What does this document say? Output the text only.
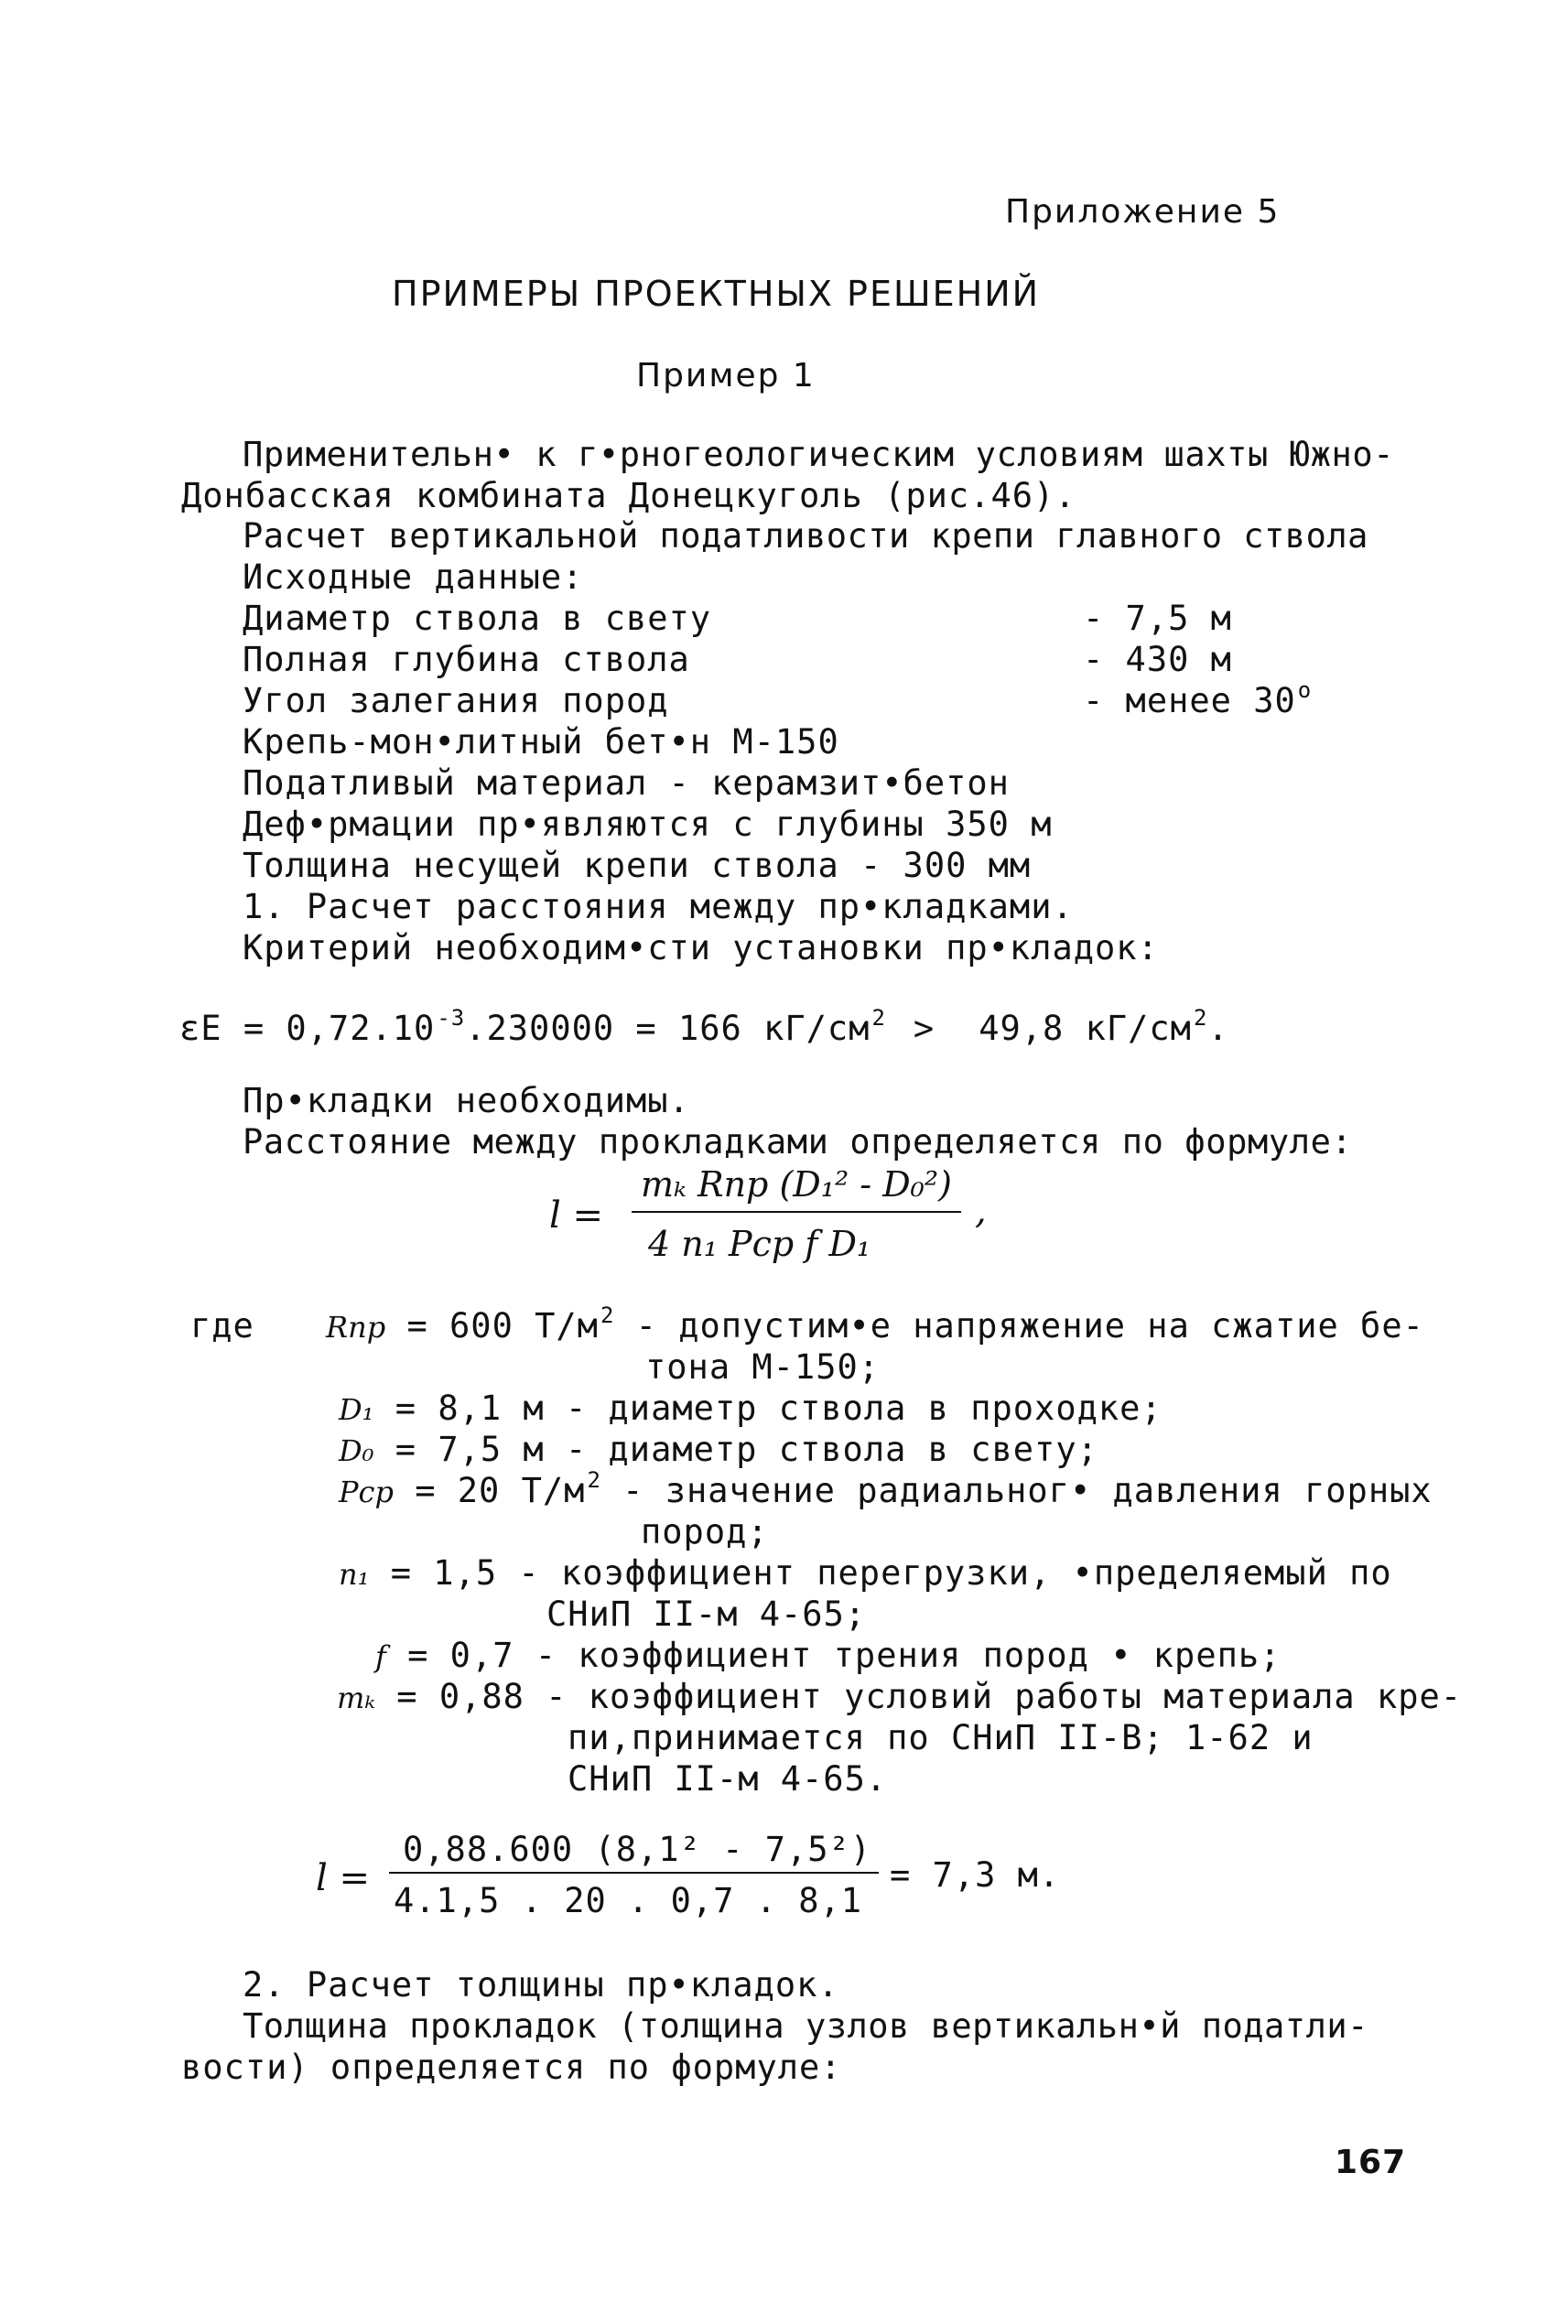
Приложение 5
ПРИМЕРЫ ПРОЕКТНЫХ РЕШЕНИЙ
Пример 1
Применительн• к г•рногеологическим условиям шахты Южно-
Донбасская комбината Донецкуголь (рис.46).
Расчет вертикальной податливости крепи главного ствола
Исходные данные:
Диаметр ствола в свету	- 7,5 м
Полная глубина ствола	- 430 м
Угол залегания пород	- менее $30^о$
Крепь-мон•литный бет•н М-150
Податливый материал - керамзит•бетон
Деф•рмации пр•являются с глубины 350 м
Толщина несущей крепи ствола - 300 мм
1. Расчет расстояния между пр•кладками.
Критерий необходим•сти установки пр•кладок:
$\varepsilon E = 0,72.10^{-3}.230000 = 166$ $кГ/см^2 > 49,8$ $кГ/см^2$.
Пр•кладки необходимы.
Расстояние между прокладками определяется по формуле:
l =
mₖ Rпр (D₁² - D₀²)
4 n₁ Pср f D₁
,
где Rпр = 600 $Т/м^2$ - допустим•е напряжение на сжатие бе-
тона М-150;
D₁ = 8,1 м - диаметр ствола в проходке;
D₀ = 7,5 м - диаметр ствола в свету;
Pср = 20 $Т/м^2$ - значение радиальног• давления горных
пород;
n₁ = 1,5 - коэффициент перегрузки, •пределяемый по
СНиП II-м 4-65;
f = 0,7 - коэффициент трения пород • крепь;
mₖ = 0,88 - коэффициент условий работы материала кре-
пи,принимается по СНиП II-В; 1-62 и
СНиП II-м 4-65.
l =
0,88.600 (8,1² - 7,5²)
4.1,5 . 20 . 0,7 . 8,1
= 7,3 м.
2. Расчет толщины пр•кладок.
Толщина прокладок (толщина узлов вертикальн•й податли-
вости) определяется по формуле:
167
